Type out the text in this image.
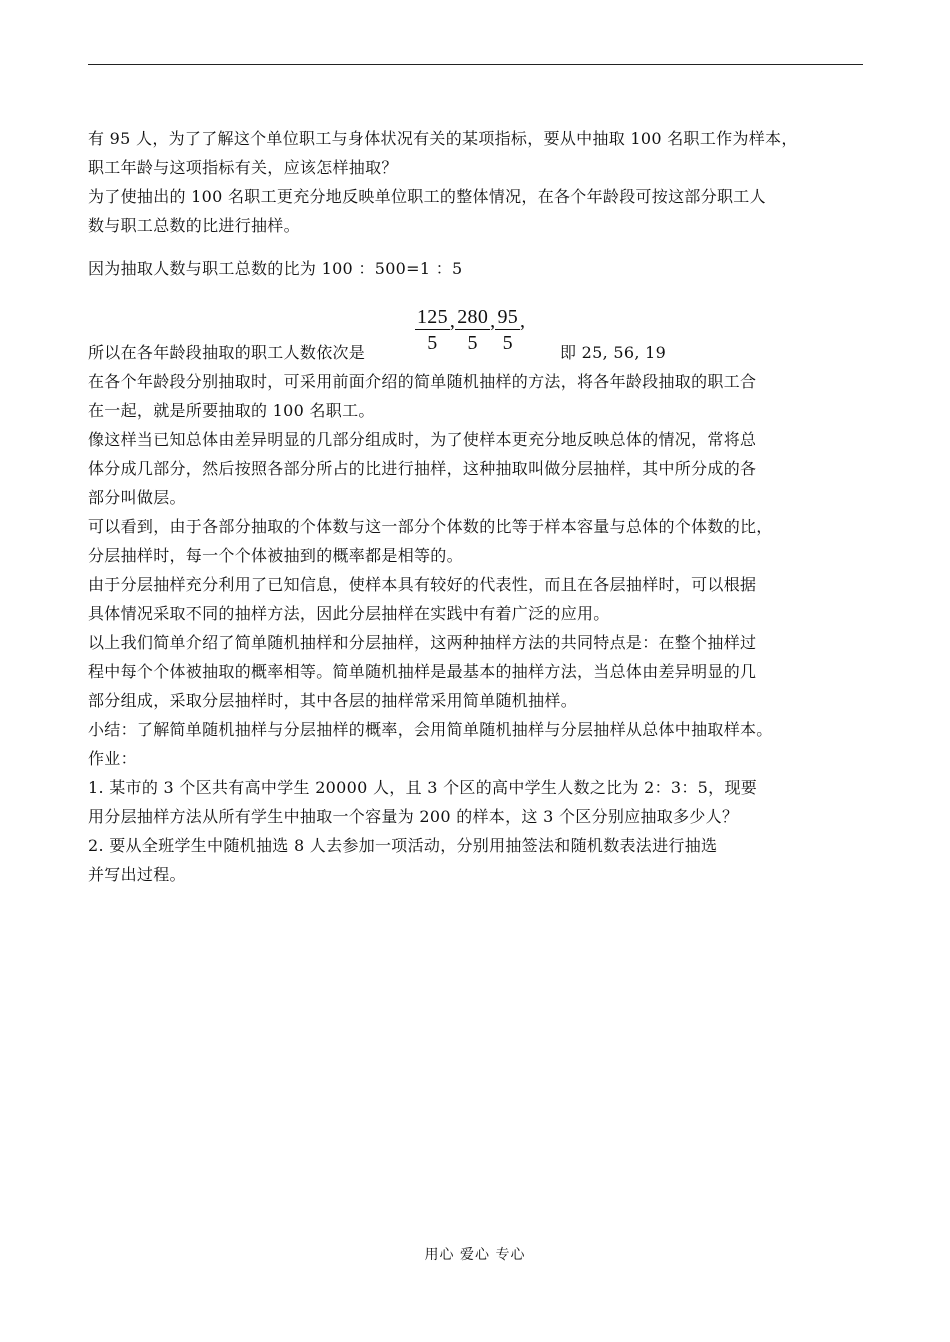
有 95 人，为了了解这个单位职工与身体状况有关的某项指标，要从中抽取 100 名职工作为样本，
职工年龄与这项指标有关，应该怎样抽取？
为了使抽出的 100 名职工更充分地反映单位职工的整体情况，在各个年龄段可按这部分职工人
数与职工总数的比进行抽样。
因为抽取人数与职工总数的比为 100 ：500=1 ：5
所以在各年龄段抽取的职工人数依次是 $\frac{125}{5}$ , $\frac{280}{5}$ , $\frac{95}{5}$ ,
即 25, 56, 19
在各个年龄段分别抽取时，可采用前面介绍的简单随机抽样的方法，将各年龄段抽取的职工合
在一起，就是所要抽取的 100 名职工。
像这样当已知总体由差异明显的几部分组成时，为了使样本更充分地反映总体的情况，常将总
体分成几部分，然后按照各部分所占的比进行抽样，这种抽取叫做分层抽样，其中所分成的各
部分叫做层。
可以看到，由于各部分抽取的个体数与这一部分个体数的比等于样本容量与总体的个体数的比，
分层抽样时，每一个个体被抽到的概率都是相等的。
由于分层抽样充分利用了已知信息，使样本具有较好的代表性，而且在各层抽样时，可以根据
具体情况采取不同的抽样方法，因此分层抽样在实践中有着广泛的应用。
以上我们简单介绍了简单随机抽样和分层抽样，这两种抽样方法的共同特点是：在整个抽样过
程中每个个体被抽取的概率相等。简单随机抽样是最基本的抽样方法，当总体由差异明显的几
部分组成，采取分层抽样时，其中各层的抽样常采用简单随机抽样。
小结：了解简单随机抽样与分层抽样的概率，会用简单随机抽样与分层抽样从总体中抽取样本。
作业：
1. 某市的 3 个区共有高中学生 20000 人，且 3 个区的高中学生人数之比为 2：3：5，现要
用分层抽样方法从所有学生中抽取一个容量为 200 的样本，这 3 个区分别应抽取多少人？
2. 要从全班学生中随机抽选 8 人去参加一项活动，分别用抽签法和随机数表法进行抽选
并写出过程。
用心 爱心 专心
